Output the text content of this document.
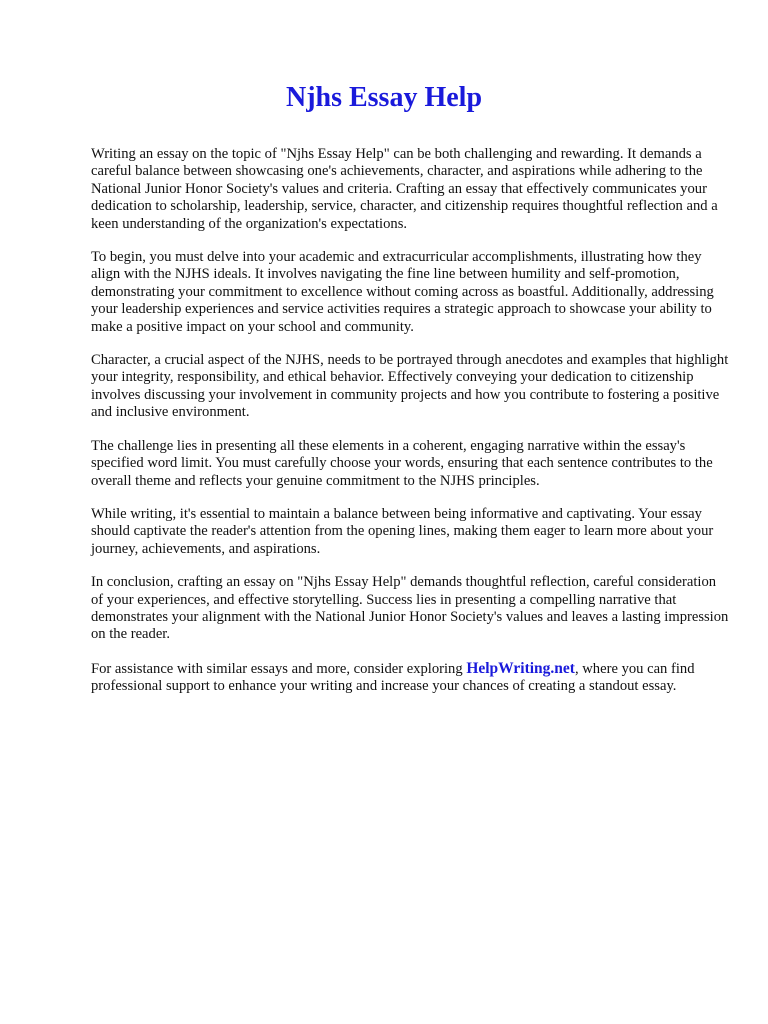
Njhs Essay Help

Writing an essay on the topic of "Njhs Essay Help" can be both challenging and rewarding. It demands a careful balance between showcasing one's achievements, character, and aspirations while adhering to the National Junior Honor Society's values and criteria. Crafting an essay that effectively communicates your dedication to scholarship, leadership, service, character, and citizenship requires thoughtful reflection and a keen understanding of the organization's expectations.

To begin, you must delve into your academic and extracurricular accomplishments, illustrating how they align with the NJHS ideals. It involves navigating the fine line between humility and self-promotion, demonstrating your commitment to excellence without coming across as boastful. Additionally, addressing your leadership experiences and service activities requires a strategic approach to showcase your ability to make a positive impact on your school and community.

Character, a crucial aspect of the NJHS, needs to be portrayed through anecdotes and examples that highlight your integrity, responsibility, and ethical behavior. Effectively conveying your dedication to citizenship involves discussing your involvement in community projects and how you contribute to fostering a positive and inclusive environment.

The challenge lies in presenting all these elements in a coherent, engaging narrative within the essay's specified word limit. You must carefully choose your words, ensuring that each sentence contributes to the overall theme and reflects your genuine commitment to the NJHS principles.

While writing, it's essential to maintain a balance between being informative and captivating. Your essay should captivate the reader's attention from the opening lines, making them eager to learn more about your journey, achievements, and aspirations.

In conclusion, crafting an essay on "Njhs Essay Help" demands thoughtful reflection, careful consideration of your experiences, and effective storytelling. Success lies in presenting a compelling narrative that demonstrates your alignment with the National Junior Honor Society's values and leaves a lasting impression on the reader.

For assistance with similar essays and more, consider exploring HelpWriting.net, where you can find professional support to enhance your writing and increase your chances of creating a standout essay.
